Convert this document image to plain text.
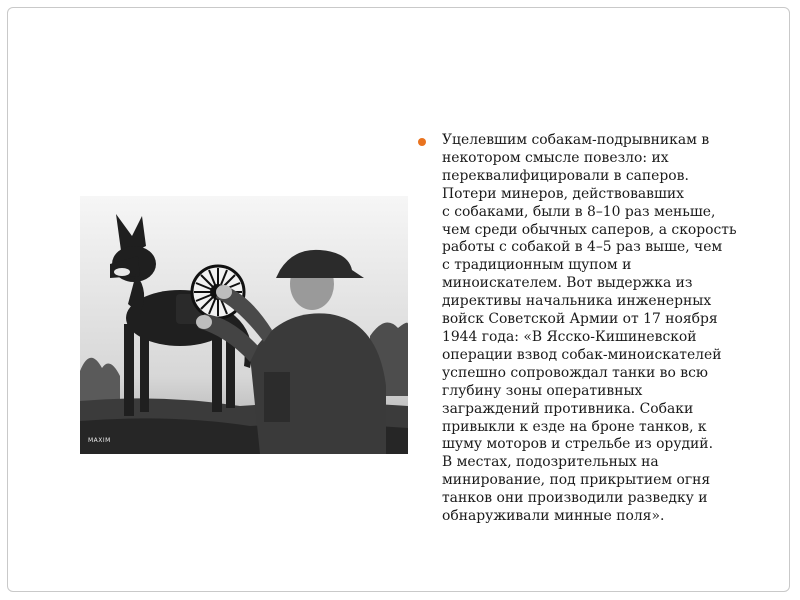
MAXIM

Уцелевшим собакам-подрывникам в
некотором смысле повезло: их
переквалифицировали в саперов.
Потери минеров, действовавших
с собаками, были в 8–10 раз меньше,
чем среди обычных саперов, а скорость
работы с собакой в 4–5 раз выше, чем
с традиционным щупом и
миноискателем. Вот выдержка из
директивы начальника инженерных
войск Советской Армии от 17 ноября
1944 года: «В Ясско-Кишиневской
операции взвод собак-миноискателей
успешно сопровождал танки во всю
глубину зоны оперативных
заграждений противника. Собаки
привыкли к езде на броне танков, к
шуму моторов и стрельбе из орудий.
В местах, подозрительных на
минирование, под прикрытием огня
танков они производили разведку и
обнаруживали минные поля».
